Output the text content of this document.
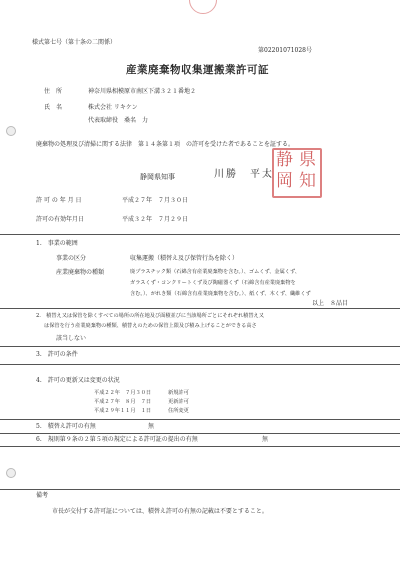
様式第七号（第十条の二関係）
第02201071028号
産業廃棄物収集運搬業許可証
住　所	神奈川県相模原市南区下溝３２１番地２
氏　名	株式会社 リキケン
代表取締役　桑名　力
廃棄物の処理及び清掃に関する法律　第１４条第１項　の許可を受けた者であることを証する。
静岡県知事	川勝　平太
県
静
知
岡
許 可 の 年 月 日	平成２７年　７月３０日
許可の有効年月日	平成３２年　７月２９日
1.　事業の範囲
事業の区分	収集運搬（積替え及び保管行為を除く）
産業廃棄物の種類	廃プラスチック類（石綿含有産業廃棄物を含む。）、ゴムくず、金属くず、
ガラスくず・コンクリートくず及び陶磁器くず（石綿含有産業廃棄物を
含む。）、がれき類（石綿含有産業廃棄物を含む。）、紙くず、木くず、繊維くず
以上　８品目
2.　積替え又は保管を除くすべての場所の所在地及び面積並びに当該場所ごとにそれぞれ積替え又
は保管を行う産業廃棄物の種類、積替えのための保管上限及び積み上げることができる高さ
該当しない
3.　許可の条件
4.　許可の更新又は変更の状況
平成２２年　７月３０日	新規許可
平成２７年　８月　７日	更新許可
平成２９年１１月　１日	住所変更
5.　積替え許可の有無	無
6.　規則第９条の２第５項の規定による許可証の提出の有無	無
備考
市長が交付する許可証については、積替え許可の有無の記載は不要とすること。
